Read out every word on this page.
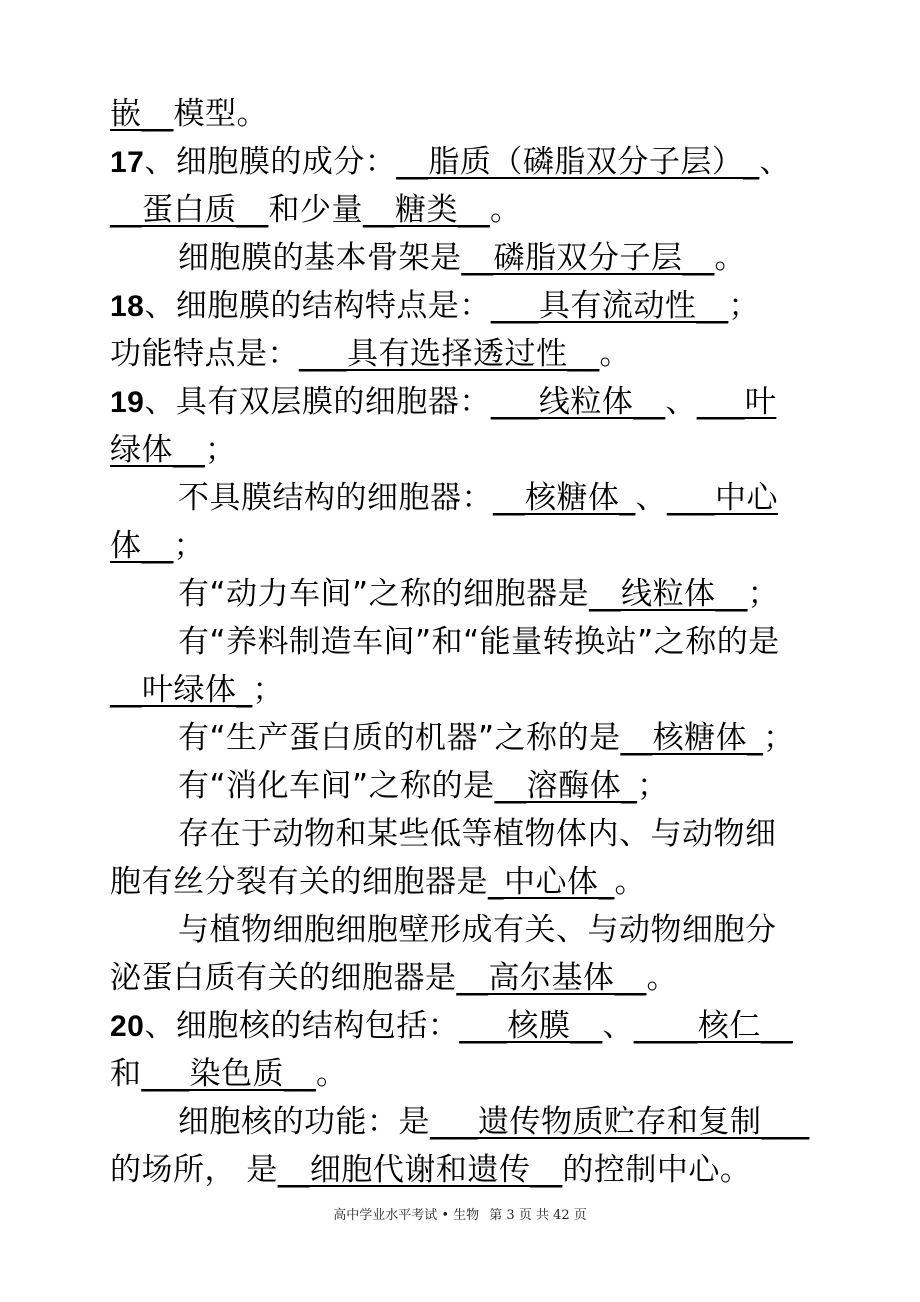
嵌__模型。
17、细胞膜的成分：__脂质（磷脂双分子层）_、
__蛋白质__和少量__糖类__。
细胞膜的基本骨架是__磷脂双分子层__。
18、细胞膜的结构特点是：___具有流动性__；
功能特点是：___具有选择透过性__。
19、具有双层膜的细胞器：___线粒体__、___叶
绿体__；
不具膜结构的细胞器：__核糖体_、___中心
体__；
有“动力车间”之称的细胞器是__线粒体__；
有“养料制造车间”和“能量转换站”之称的是
__叶绿体_；
有“生产蛋白质的机器”之称的是__核糖体_；
有“消化车间”之称的是__溶酶体_；
存在于动物和某些低等植物体内、与动物细
胞有丝分裂有关的细胞器是_中心体_。
与植物细胞细胞壁形成有关、与动物细胞分
泌蛋白质有关的细胞器是__高尔基体__。
20、细胞核的结构包括：___核膜__、____核仁__
和___染色质__。
细胞核的功能：是___遗传物质贮存和复制___
的场所， 是__细胞代谢和遗传__的控制中心。
高中学业水平考试 • 生物 第 3 页 共 42 页
